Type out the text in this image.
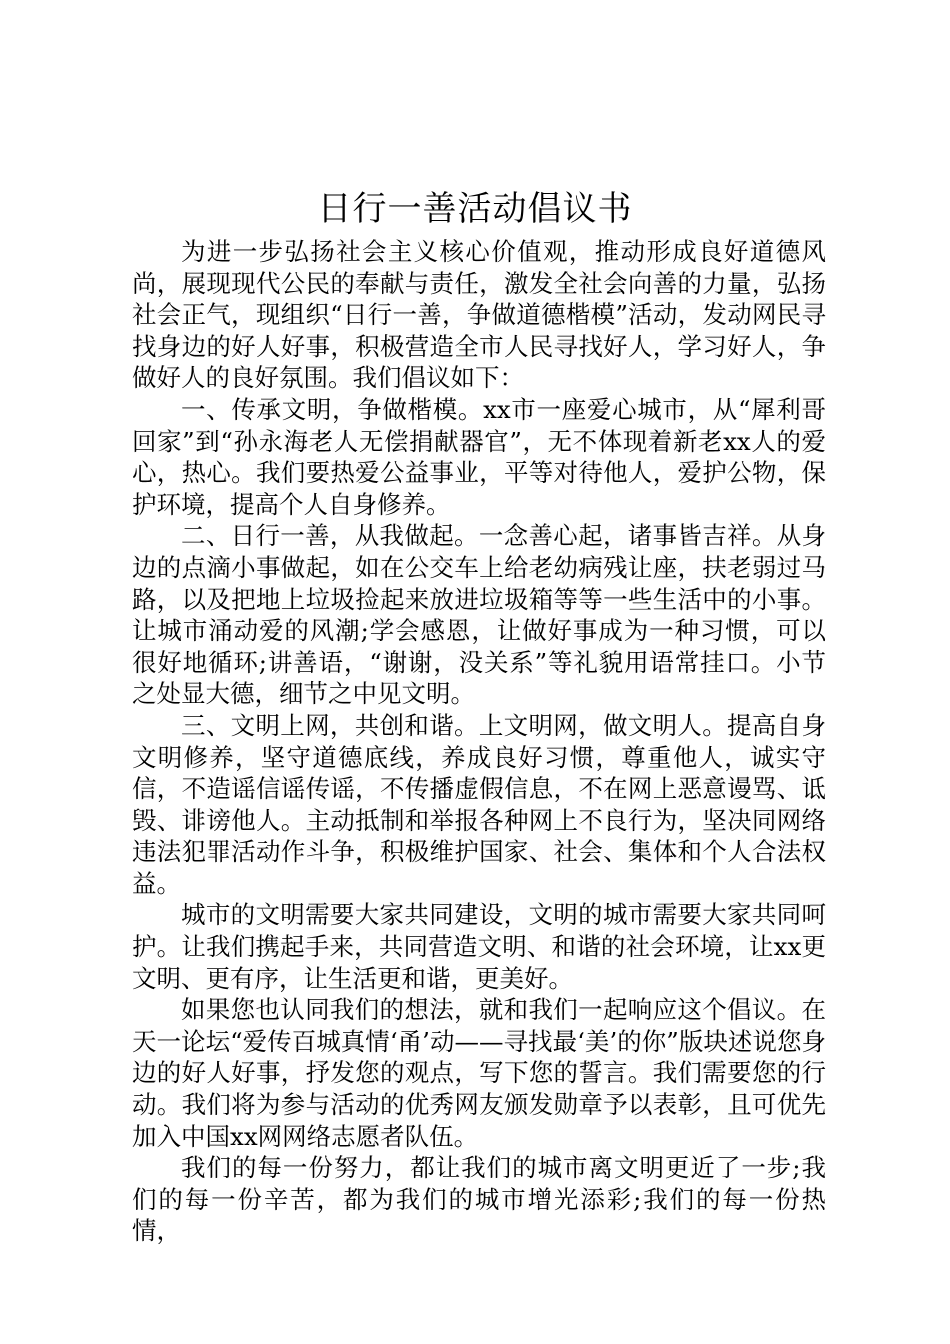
日行一善活动倡议书

为进一步弘扬社会主义核心价值观，推动形成良好道德风尚，展现现代公民的奉献与责任，激发全社会向善的力量，弘扬社会正气，现组织“日行一善，争做道德楷模”活动，发动网民寻找身边的好人好事，积极营造全市人民寻找好人，学习好人，争做好人的良好氛围。我们倡议如下：

一、传承文明，争做楷模。xx市一座爱心城市，从“犀利哥回家”到“孙永海老人无偿捐献器官”，无不体现着新老xx人的爱心，热心。我们要热爱公益事业，平等对待他人，爱护公物，保护环境，提高个人自身修养。

二、日行一善，从我做起。一念善心起，诸事皆吉祥。从身边的点滴小事做起，如在公交车上给老幼病残让座，扶老弱过马路，以及把地上垃圾捡起来放进垃圾箱等等一些生活中的小事。让城市涌动爱的风潮;学会感恩，让做好事成为一种习惯，可以很好地循环;讲善语，“谢谢，没关系”等礼貌用语常挂口。小节之处显大德，细节之中见文明。

三、文明上网，共创和谐。上文明网，做文明人。提高自身文明修养，坚守道德底线，养成良好习惯，尊重他人，诚实守信，不造谣信谣传谣，不传播虚假信息，不在网上恶意谩骂、诋毁、诽谤他人。主动抵制和举报各种网上不良行为，坚决同网络违法犯罪活动作斗争，积极维护国家、社会、集体和个人合法权益。

城市的文明需要大家共同建设，文明的城市需要大家共同呵护。让我们携起手来，共同营造文明、和谐的社会环境，让xx更文明、更有序，让生活更和谐，更美好。

如果您也认同我们的想法，就和我们一起响应这个倡议。在天一论坛“爱传百城真情‘甬’动——寻找最‘美’的你”版块述说您身边的好人好事，抒发您的观点，写下您的誓言。我们需要您的行动。我们将为参与活动的优秀网友颁发勋章予以表彰，且可优先加入中国xx网网络志愿者队伍。

我们的每一份努力，都让我们的城市离文明更近了一步;我们的每一份辛苦，都为我们的城市增光添彩;我们的每一份热情，
